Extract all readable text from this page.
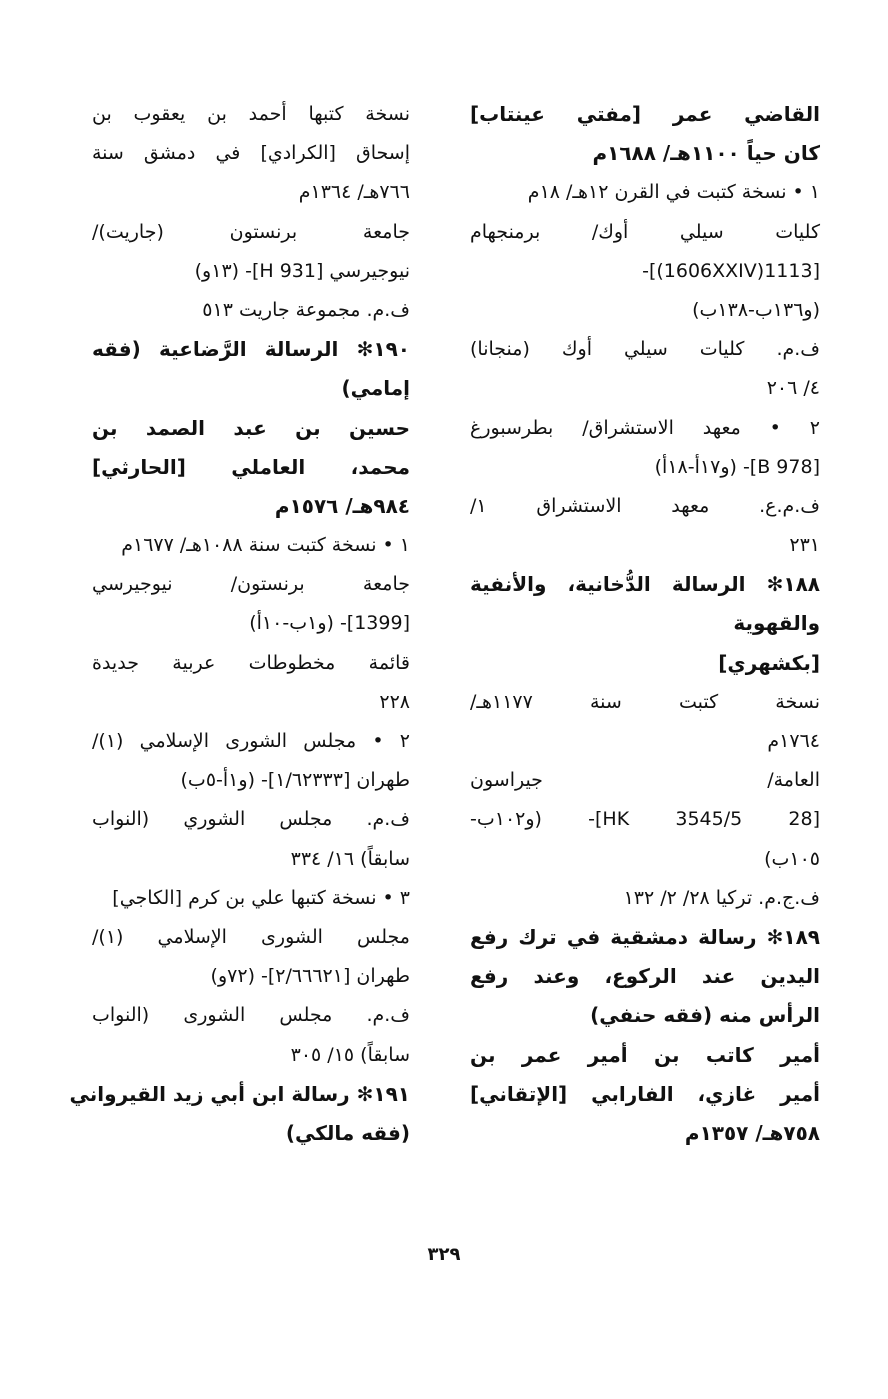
القاضي عمر [مفتي عينتاب]
كان حياً ١١٠٠هـ/ ١٦٨٨م
١ • نسخة كتبت في القرن ١٢هـ/ ١٨م
كليات سيلي أوك/ برمنجهام
[1113(1606XXIV)]-
(و١٣٦ب-١٣٨ب)
ف.م. كليات سيلي أوك (منجانا)
٤/ ٢٠٦
٢ • معهد الاستشراق/ بطرسبورغ
[B 978]- (و١٧أ-١٨أ)
ف.م.ع. معهد الاستشراق ١/
٢٣١
١٨٨✻ الرسالة الدُّخانية، والأنفية
والقهوية
[بكشهري]
نسخة كتبت سنة ١١٧٧هـ/
١٧٦٤م
العامة/ جيراسون
[HK 3545/5 28]- (و١٠٢ب-
١٠٥ب)
ف.ج.م. تركيا ٢٨/ ٢/ ١٣٢
١٨٩✻ رسالة دمشقية في ترك رفع
اليدين عند الركوع، وعند رفع
الرأس منه (فقه حنفي)
أمير كاتب بن أمير عمر بن
أمير غازي، الفارابي [الإتقاني]
٧٥٨هـ/ ١٣٥٧م
نسخة كتبها أحمد بن يعقوب بن
إسحاق [الكرادي] في دمشق سنة
٧٦٦هـ/ ١٣٦٤م
جامعة برنستون (جاريت)/
نيوجيرسي [H 931]- (١٣و)
ف.م. مجموعة جاريت ٥١٣
١٩٠✻ الرسالة الرَّضاعية (فقه
إمامي)
حسين بن عبد الصمد بن
محمد، العاملي [الحارثي]
٩٨٤هـ/ ١٥٧٦م
١ • نسخة كتبت سنة ١٠٨٨هـ/ ١٦٧٧م
جامعة برنستون/ نيوجيرسي
[1399]- (و١ب-١٠أ)
قائمة مخطوطات عربية جديدة
٢٢٨
٢ • مجلس الشورى الإسلامي (١)/
طهران [١/٦٢٣٣٣]- (و١أ-٥ب)
ف.م. مجلس الشوري (النواب
سابقاً) ١٦/ ٣٣٤
٣ • نسخة كتبها علي بن كرم [الكاجي]
مجلس الشورى الإسلامي (١)/
طهران [٢/٦٦٦٢١]- (٧٢و)
ف.م. مجلس الشورى (النواب
سابقاً) ١٥/ ٣٠٥
١٩١✻ رسالة ابن أبي زيد القيرواني
(فقه مالكي)
٣٢٩
